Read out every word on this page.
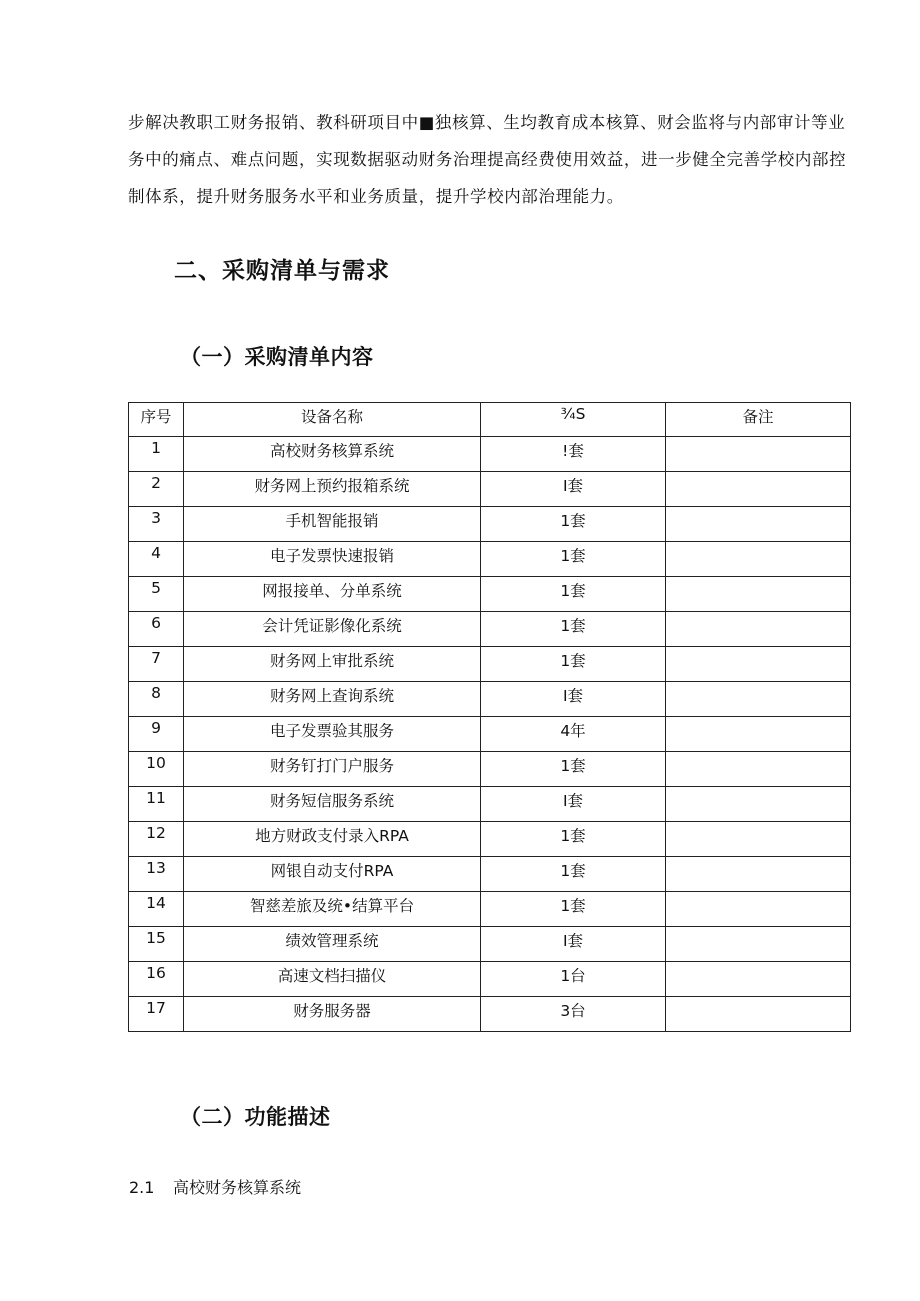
步解决教职工财务报销、教科研项目中■独核算、生均教育成本核算、财会监将与内部审计等业务中的痛点、难点问题，实现数据驱动财务治理提高经费使用效益，进一步健全完善学校内部控制体系，提升财务服务水平和业务质量，提升学校内部治理能力。

二、采购清单与需求
（一）采购清单内容
序号	设备名称	¾S	备注
1	高校财务核算系统	!套	
2	财务网上预约报箱系统	I套	
3	手机智能报销	1套	
4	电子发票快速报销	1套	
5	网报接单、分单系统	1套	
6	会计凭证影像化系统	1套	
7	财务网上审批系统	1套	
8	财务网上查询系统	I套	
9	电子发票验其服务	4年	
10	财务钉打门户服务	1套	
11	财务短信服务系统	I套	
12	地方财政支付录入RPA	1套	
13	网银自动支付RPA	1套	
14	智慈差旅及统•结算平台	1套	
15	绩效管理系统	I套	
16	高速文档扫描仪	1台	
17	财务服务器	3台	
（二）功能描述

2.1 高校财务核算系统
